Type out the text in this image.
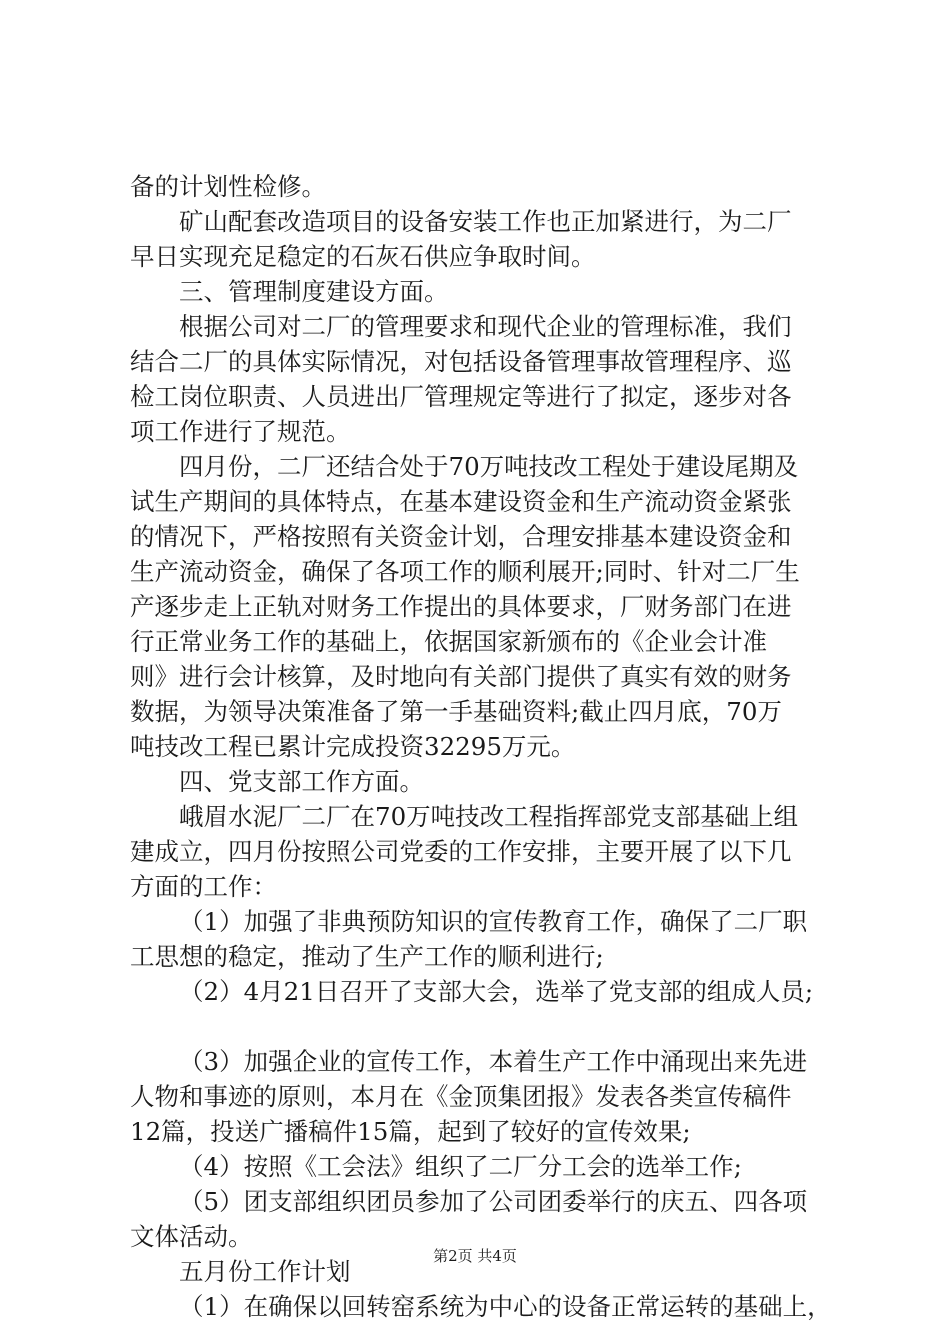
备的计划性检修。
矿山配套改造项目的设备安装工作也正加紧进行，为二厂
早日实现充足稳定的石灰石供应争取时间。
三、管理制度建设方面。
根据公司对二厂的管理要求和现代企业的管理标准，我们
结合二厂的具体实际情况，对包括设备管理事故管理程序、巡
检工岗位职责、人员进出厂管理规定等进行了拟定，逐步对各
项工作进行了规范。
四月份，二厂还结合处于70万吨技改工程处于建设尾期及
试生产期间的具体特点，在基本建设资金和生产流动资金紧张
的情况下，严格按照有关资金计划，合理安排基本建设资金和
生产流动资金，确保了各项工作的顺利展开;同时、针对二厂生
产逐步走上正轨对财务工作提出的具体要求，厂财务部门在进
行正常业务工作的基础上，依据国家新颁布的《企业会计准
则》进行会计核算，及时地向有关部门提供了真实有效的财务
数据，为领导决策准备了第一手基础资料;截止四月底，70万
吨技改工程已累计完成投资32295万元。
四、党支部工作方面。
峨眉水泥厂二厂在70万吨技改工程指挥部党支部基础上组
建成立，四月份按照公司党委的工作安排，主要开展了以下几
方面的工作：
（1）加强了非典预防知识的宣传教育工作，确保了二厂职
工思想的稳定，推动了生产工作的顺利进行;
（2）4月21日召开了支部大会，选举了党支部的组成人员;
（3）加强企业的宣传工作，本着生产工作中涌现出来先进
人物和事迹的原则，本月在《金顶集团报》发表各类宣传稿件
12篇，投送广播稿件15篇，起到了较好的宣传效果;
（4）按照《工会法》组织了二厂分工会的选举工作;
（5）团支部组织团员参加了公司团委举行的庆五、四各项
文体活动。
五月份工作计划
（1）在确保以回转窑系统为中心的设备正常运转的基础上，
第2页 共4页
